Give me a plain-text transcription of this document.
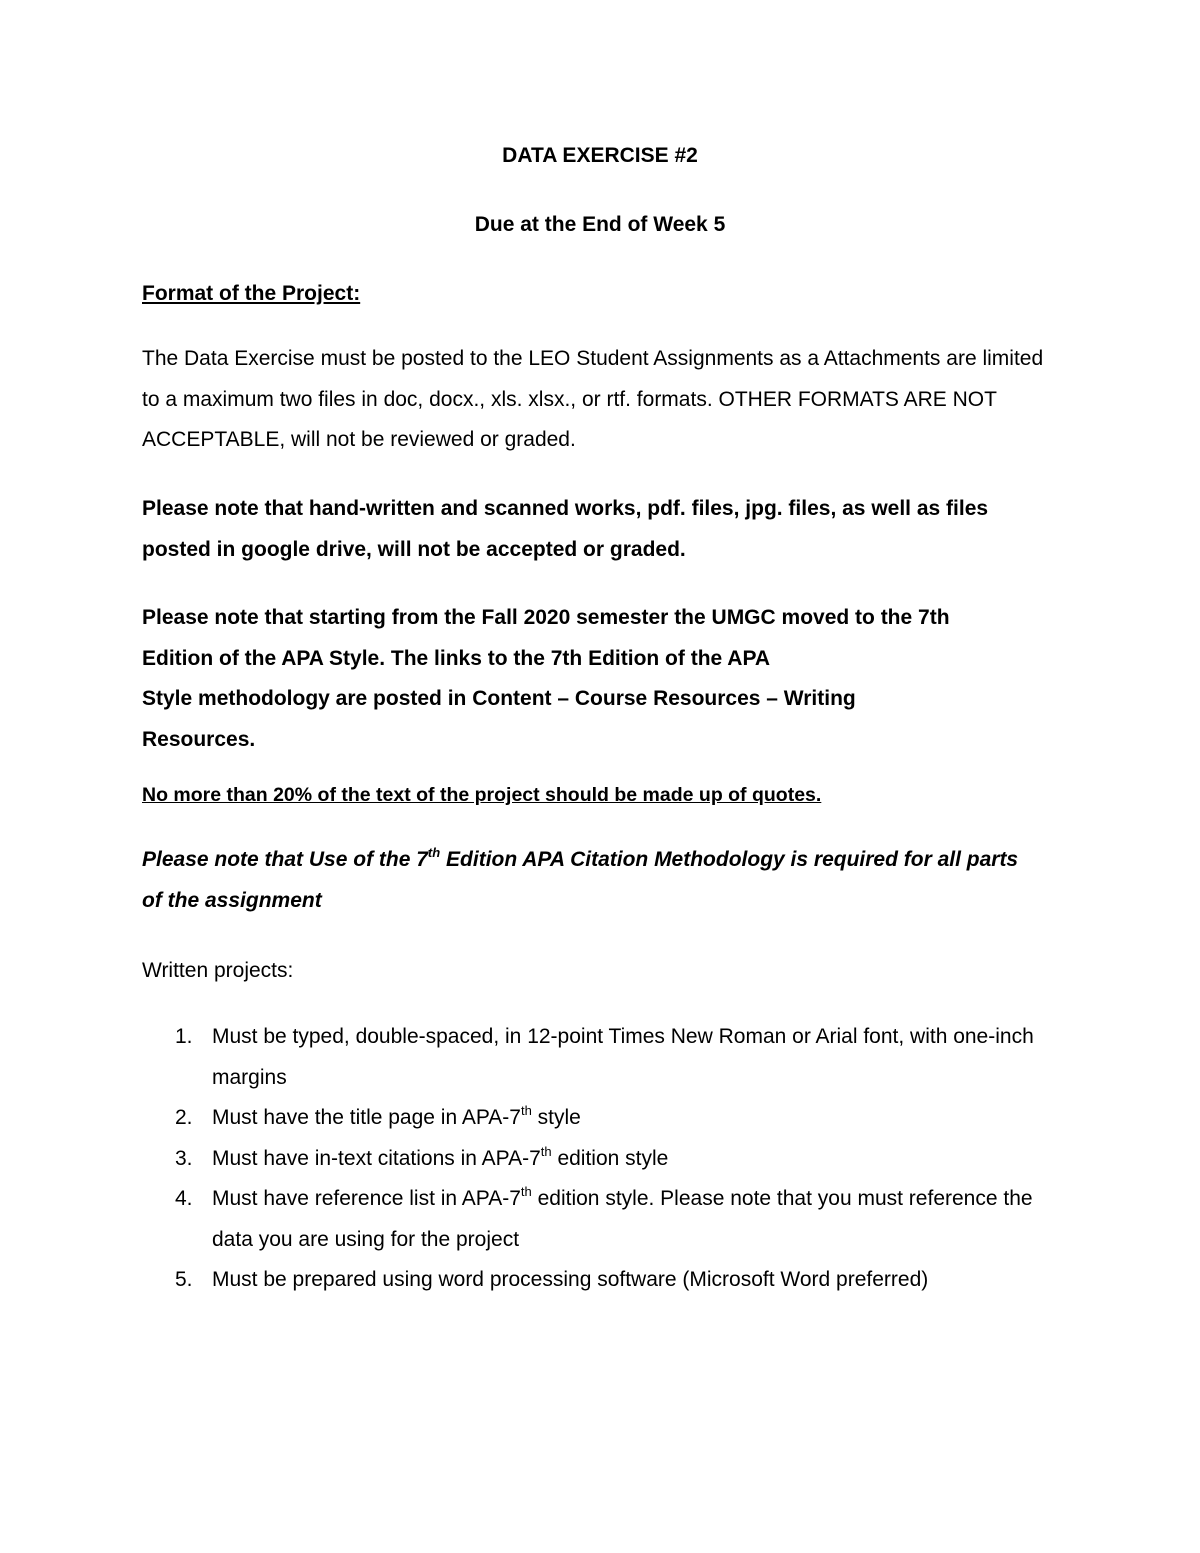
DATA EXERCISE #2
Due at the End of Week 5
Format of the Project:

The Data Exercise must be posted to the LEO Student Assignments as a Attachments are limited to a maximum two files in doc, docx., xls. xlsx., or rtf. formats. OTHER FORMATS ARE NOT ACCEPTABLE, will not be reviewed or graded.

Please note that hand-written and scanned works, pdf. files, jpg. files, as well as files posted in google drive, will not be accepted or graded.

Please note that starting from the Fall 2020 semester the UMGC moved to the 7th

Edition of the APA Style. The links to the 7th Edition of the APA

Style methodology are posted in Content – Course Resources – Writing

Resources.

No more than 20% of the text of the project should be made up of quotes.

Please note that Use of the 7th Edition APA Citation Methodology is required for all parts of the assignment

Written projects:
1. Must be typed, double-spaced, in 12-point Times New Roman or Arial font, with one-inch margins
2. Must have the title page in APA-7th style
3. Must have in-text citations in APA-7th edition style
4. Must have reference list in APA-7th edition style. Please note that you must reference the data you are using for the project
5. Must be prepared using word processing software (Microsoft Word preferred)
